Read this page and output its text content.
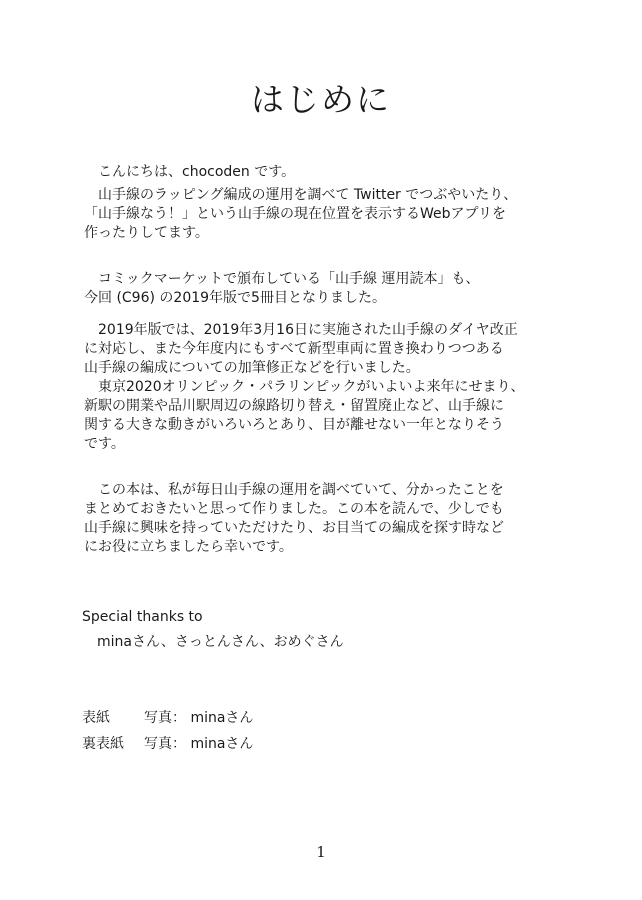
はじめに

　こんにちは、chocoden です。

　山手線のラッピング編成の運用を調べて Twitter でつぶやいたり、
「山手線なう！」という山手線の現在位置を表示するWebアプリを
作ったりしてます。

　コミックマーケットで頒布している「山手線 運用読本」も、
今回 (C96) の2019年版で5冊目となりました。

　2019年版では、2019年3月16日に実施された山手線のダイヤ改正
に対応し、また今年度内にもすべて新型車両に置き換わりつつある
山手線の編成についての加筆修正などを行いました。

　東京2020オリンピック・パラリンピックがいよいよ来年にせまり、
新駅の開業や品川駅周辺の線路切り替え・留置廃止など、山手線に
関する大きな動きがいろいろとあり、目が離せない一年となりそう
です。

　この本は、私が毎日山手線の運用を調べていて、分かったことを
まとめておきたいと思って作りました。この本を読んで、少しでも
山手線に興味を持っていただけたり、お目当ての編成を探す時など
にお役に立ちましたら幸いです。

Special thanks to

minaさん、さっとんさん、おめぐさん

表紙 写真： minaさん
裏表紙 写真： minaさん
1
